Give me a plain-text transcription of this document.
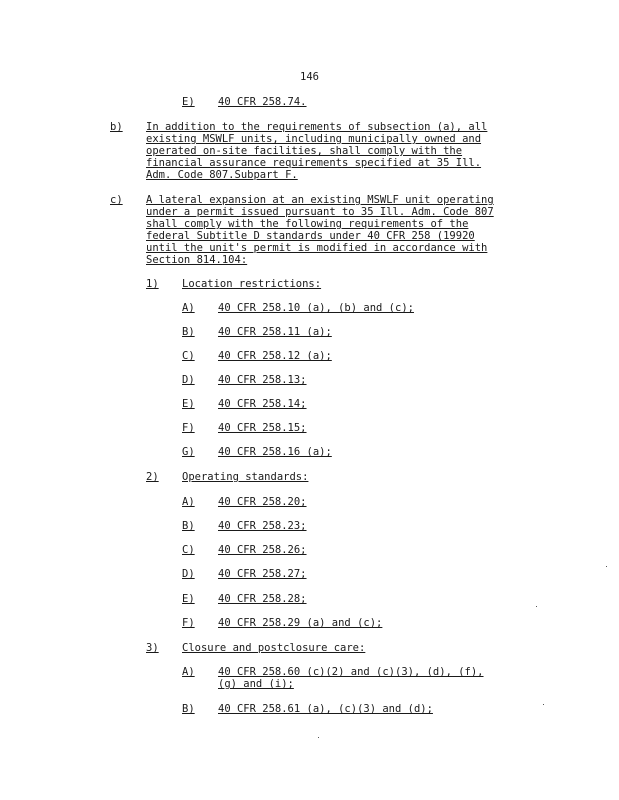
146
E) 40 CFR 258.74.
b) In addition to the requirements of subsection (a), all
existing MSWLF units, including municipally owned and
operated on-site facilities, shall comply with the
financial assurance requirements specified at 35 Ill.
Adm. Code 807.Subpart F.
c) A lateral expansion at an existing MSWLF unit operating
under a permit issued pursuant to 35 Ill. Adm. Code 807
shall comply with the following requirements of the
federal Subtitle D standards under 40 CFR 258 (19920
until the unit's permit is modified in accordance with
Section 814.104:
1) Location restrictions:
A) 40 CFR 258.10 (a), (b) and (c);
B) 40 CFR 258.11 (a);
C) 40 CFR 258.12 (a);
D) 40 CFR 258.13;
E) 40 CFR 258.14;
F) 40 CFR 258.15;
G) 40 CFR 258.16 (a);
2) Operating standards:
A) 40 CFR 258.20;
B) 40 CFR 258.23;
C) 40 CFR 258.26;
D) 40 CFR 258.27;
E) 40 CFR 258.28;
F) 40 CFR 258.29 (a) and (c);
3) Closure and postclosure care:
A) 40 CFR 258.60 (c)(2) and (c)(3), (d), (f),
(g) and (i);
B) 40 CFR 258.61 (a), (c)(3) and (d);
